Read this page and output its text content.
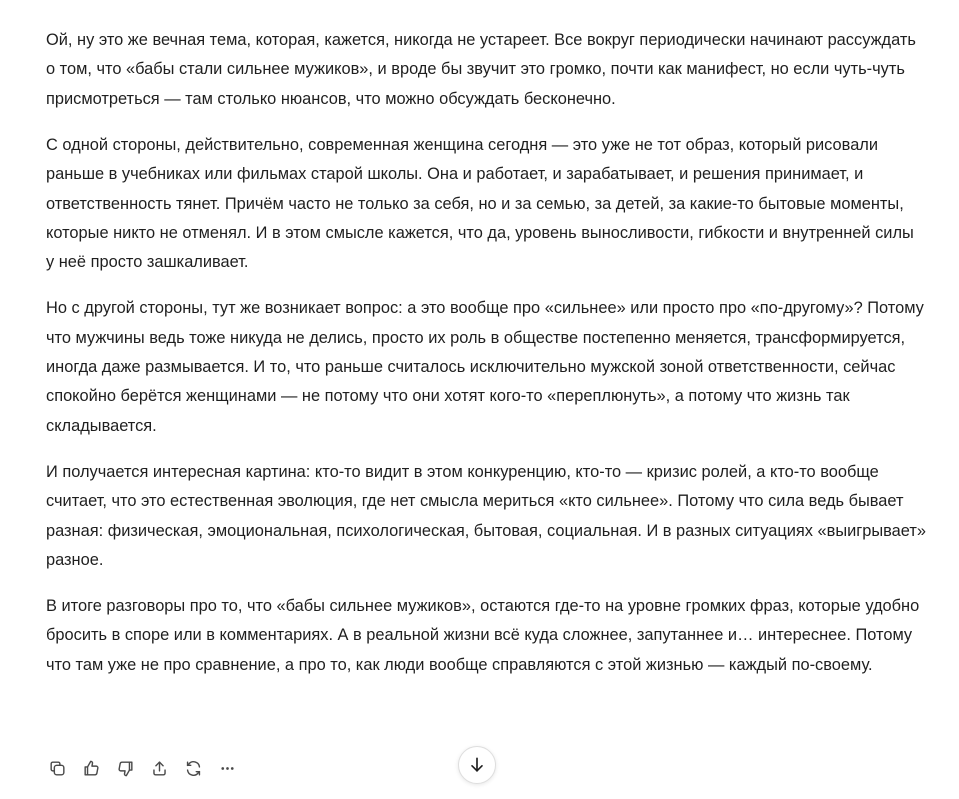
Ой, ну это же вечная тема, которая, кажется, никогда не устареет. Все вокруг периодически начинают рассуждать о том, что «бабы стали сильнее мужиков», и вроде бы звучит это громко, почти как манифест, но если чуть-чуть присмотреться — там столько нюансов, что можно обсуждать бесконечно.

С одной стороны, действительно, современная женщина сегодня — это уже не тот образ, который рисовали раньше в учебниках или фильмах старой школы. Она и работает, и зарабатывает, и решения принимает, и ответственность тянет. Причём часто не только за себя, но и за семью, за детей, за какие-то бытовые моменты, которые никто не отменял. И в этом смысле кажется, что да, уровень выносливости, гибкости и внутренней силы у неё просто зашкаливает.

Но с другой стороны, тут же возникает вопрос: а это вообще про «сильнее» или просто про «по-другому»? Потому что мужчины ведь тоже никуда не делись, просто их роль в обществе постепенно меняется, трансформируется, иногда даже размывается. И то, что раньше считалось исключительно мужской зоной ответственности, сейчас спокойно берётся женщинами — не потому что они хотят кого-то «переплюнуть», а потому что жизнь так складывается.

И получается интересная картина: кто-то видит в этом конкуренцию, кто-то — кризис ролей, а кто-то вообще считает, что это естественная эволюция, где нет смысла мериться «кто сильнее». Потому что сила ведь бывает разная: физическая, эмоциональная, психологическая, бытовая, социальная. И в разных ситуациях «выигрывает» разное.

В итоге разговоры про то, что «бабы сильнее мужиков», остаются где-то на уровне громких фраз, которые удобно бросить в споре или в комментариях. А в реальной жизни всё куда сложнее, запутаннее и… интереснее. Потому что там уже не про сравнение, а про то, как люди вообще справляются с этой жизнью — каждый по-своему.
